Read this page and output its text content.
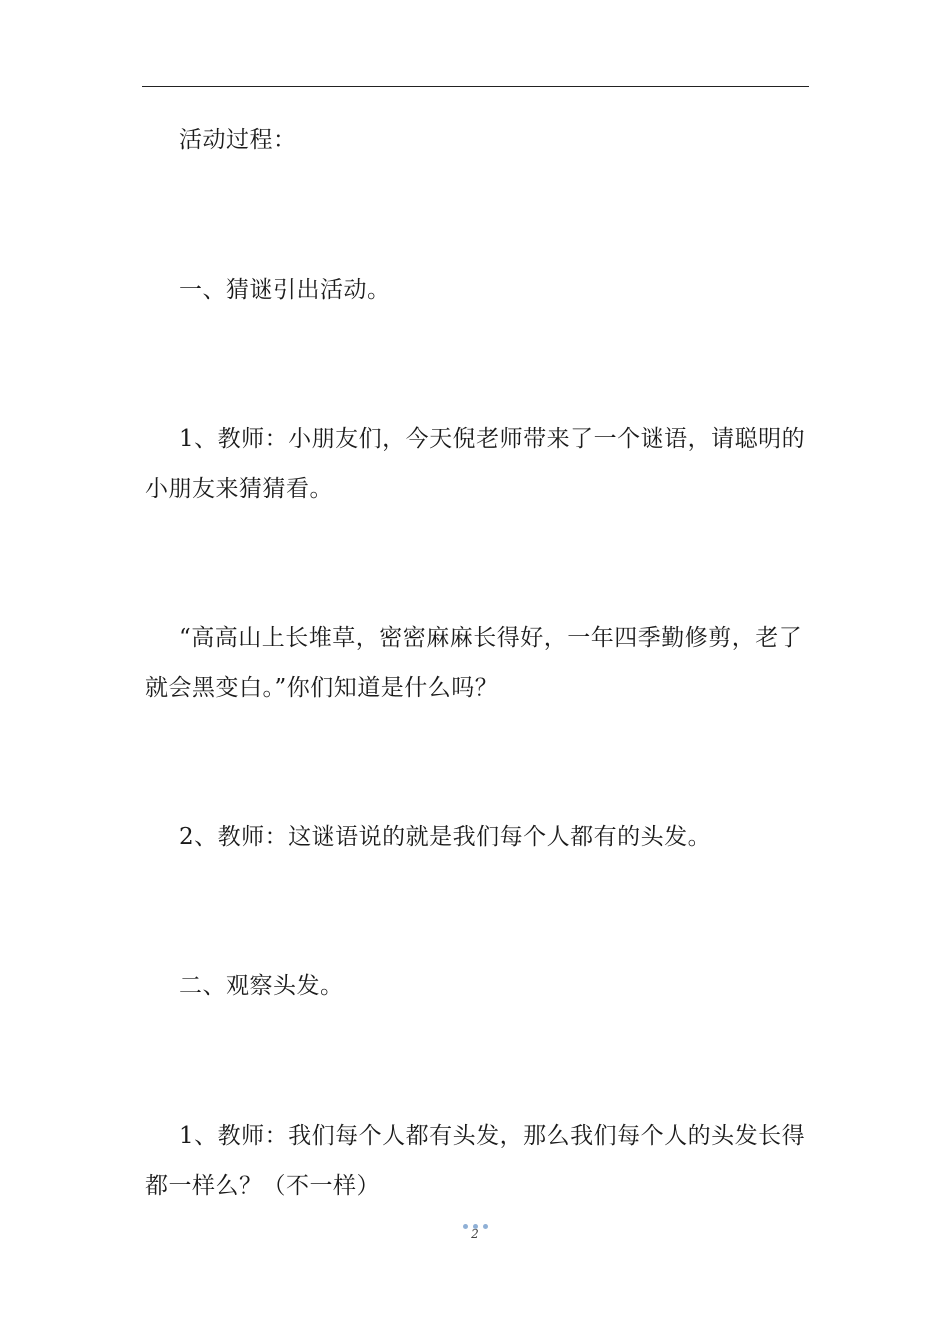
活动过程：

一、猜谜引出活动。

1、教师：小朋友们，今天倪老师带来了一个谜语，请聪明的小朋友来猜猜看。

“高高山上长堆草，密密麻麻长得好，一年四季勤修剪，老了就会黑变白。”你们知道是什么吗？

2、教师：这谜语说的就是我们每个人都有的头发。

二、观察头发。

1、教师：我们每个人都有头发，那么我们每个人的头发长得都一样么？（不一样）

2
